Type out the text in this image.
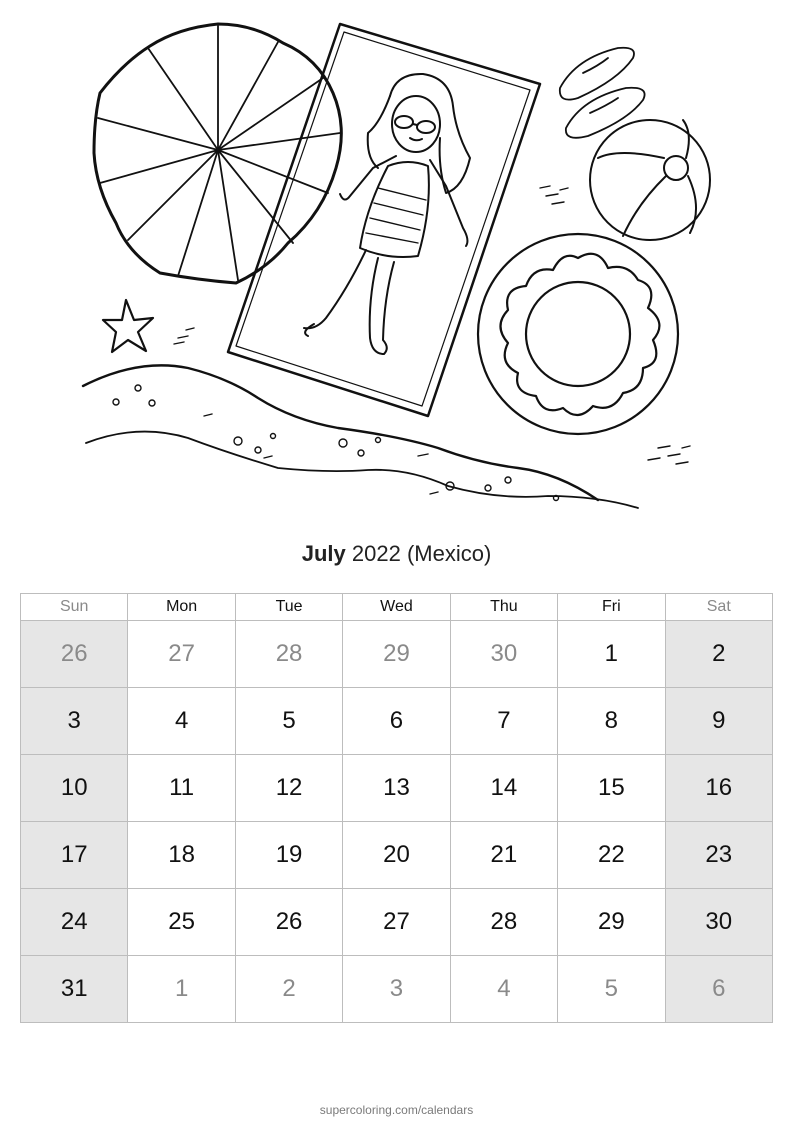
July 2022 (Mexico)
Sun	Mon	Tue	Wed	Thu	Fri	Sat
26	27	28	29	30	1	2
3	4	5	6	7	8	9
10	11	12	13	14	15	16
17	18	19	20	21	22	23
24	25	26	27	28	29	30
31	1	2	3	4	5	6
supercoloring.com/calendars
